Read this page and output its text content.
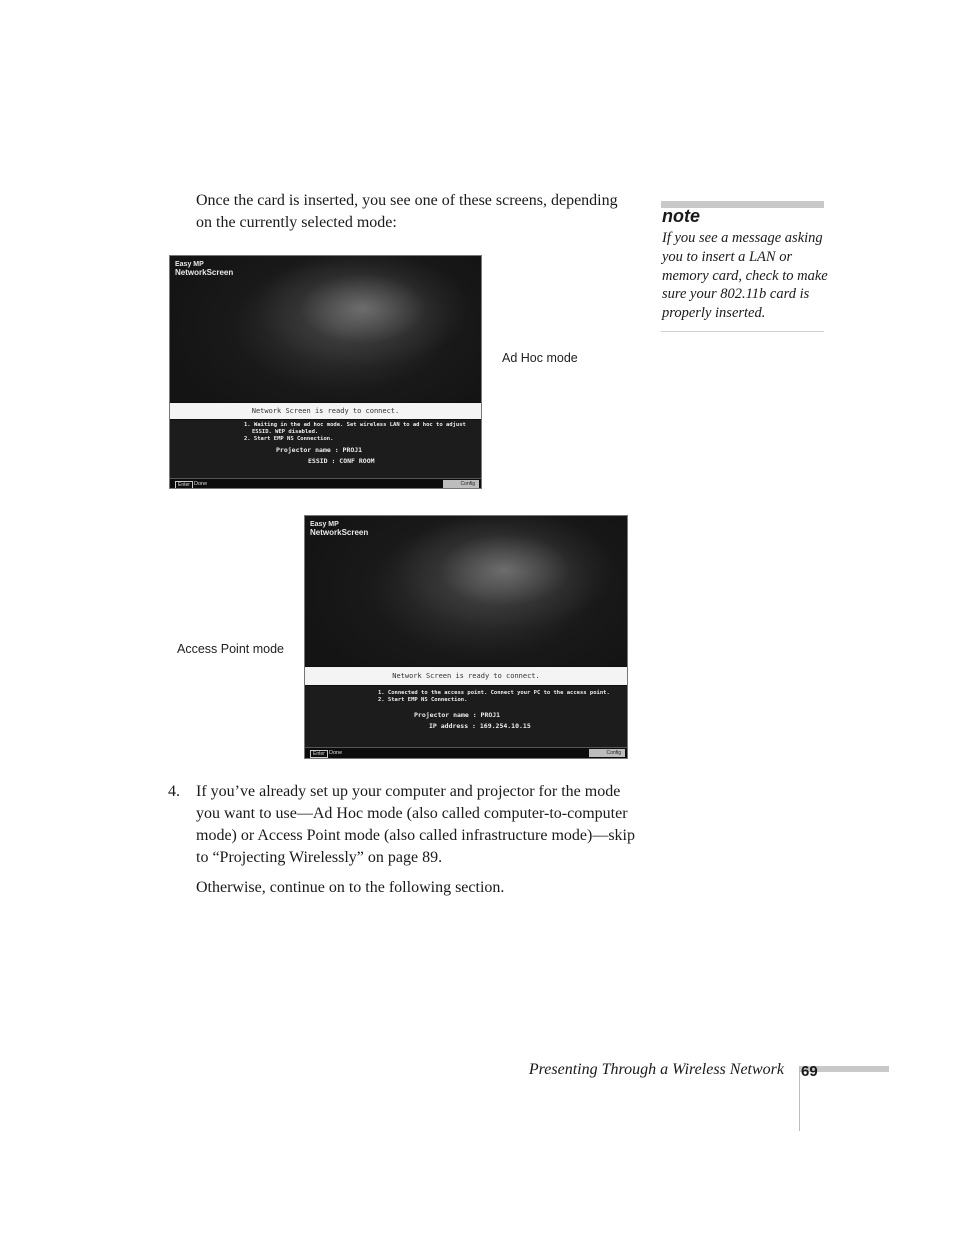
Once the card is inserted, you see one of these screens, depending on the currently selected mode:	note
If you see a message asking you to insert a LAN or memory card, check to make sure your 802.11b card is properly inserted.
Easy MP
NetworkScreen
Network Screen is ready to connect.
1. Waiting in the ad hoc mode. Set wireless LAN to ad hoc to adjust
ESSID. WEP disabled.
2. Start EMP NS Connection.
Projector name : PROJ1
ESSID : CONF ROOM
Enter Done	Config
Ad Hoc mode
Easy MP
NetworkScreen
Network Screen is ready to connect.
1. Connected to the access point. Connect your PC to the access point.
2. Start EMP NS Connection.
Projector name : PROJ1
IP address : 169.254.10.15
Enter Done	Config
Access Point mode
4. If you’ve already set up your computer and projector for the mode you want to use—Ad Hoc mode (also called computer-to-computer mode) or Access Point mode (also called infrastructure mode)—skip to “Projecting Wirelessly” on page 89.
Otherwise, continue on to the following section.
Presenting Through a Wireless Network 69
